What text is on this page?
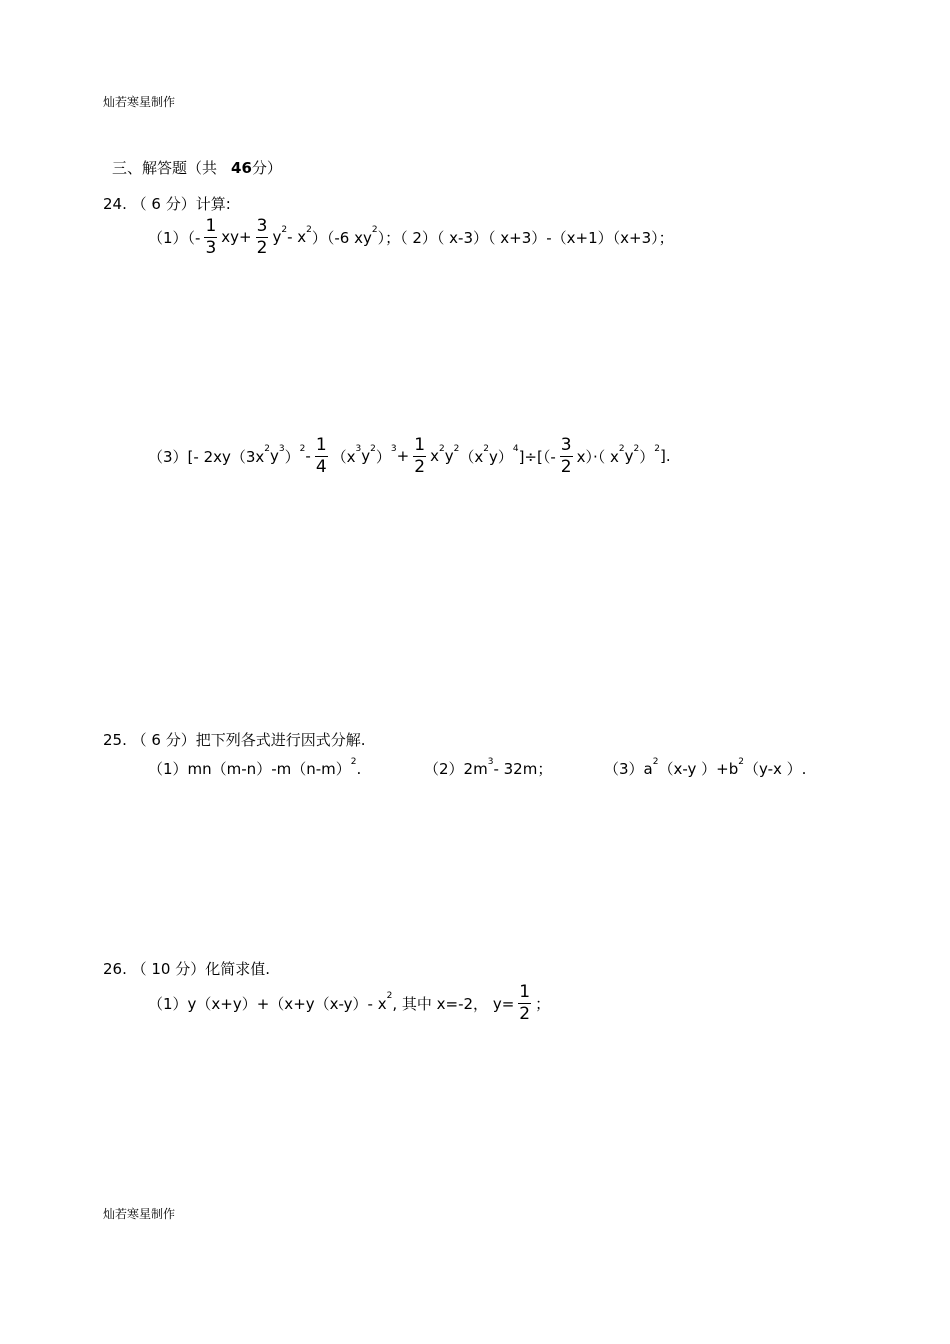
灿若寒星制作
三、解答题（共 46分）
24. （ 6 分）计算:
$(1)(- \frac{1}{3} xy+ \frac{3}{2} y^2 - x^2$ ）（-6 $xy^2$ ）；（ 2）（ x-3）（ x+3）-（x+1）（x+3）；
（3）[- $2xy(3x^2$ $y^3$ ）$^2 - \frac{1}{4} (x^3$ $y^2$ ）$^3 + \frac{1}{2} x^2$ $y^2$ （$x^2$ y）$^4$ ]÷[（- $\frac{3}{2} x)\cdot$（ $x^2$ $y^2$ ）$^2$ ].
25. （ 6 分）把下列各式进行因式分解.
$(1)mn(m-n)-m(n-m)^2$ .	$(2)2m^3 - 32m$；	$(3)a^2$ （x-y ）$+b^2$ （y-x ）.
26. （ 10 分）化简求值.
（1）y（x+y）+（x+y（x-y）- $x^2$ , 其中 x=-2， $y= \frac{1}{2}$ ；
灿若寒星制作
